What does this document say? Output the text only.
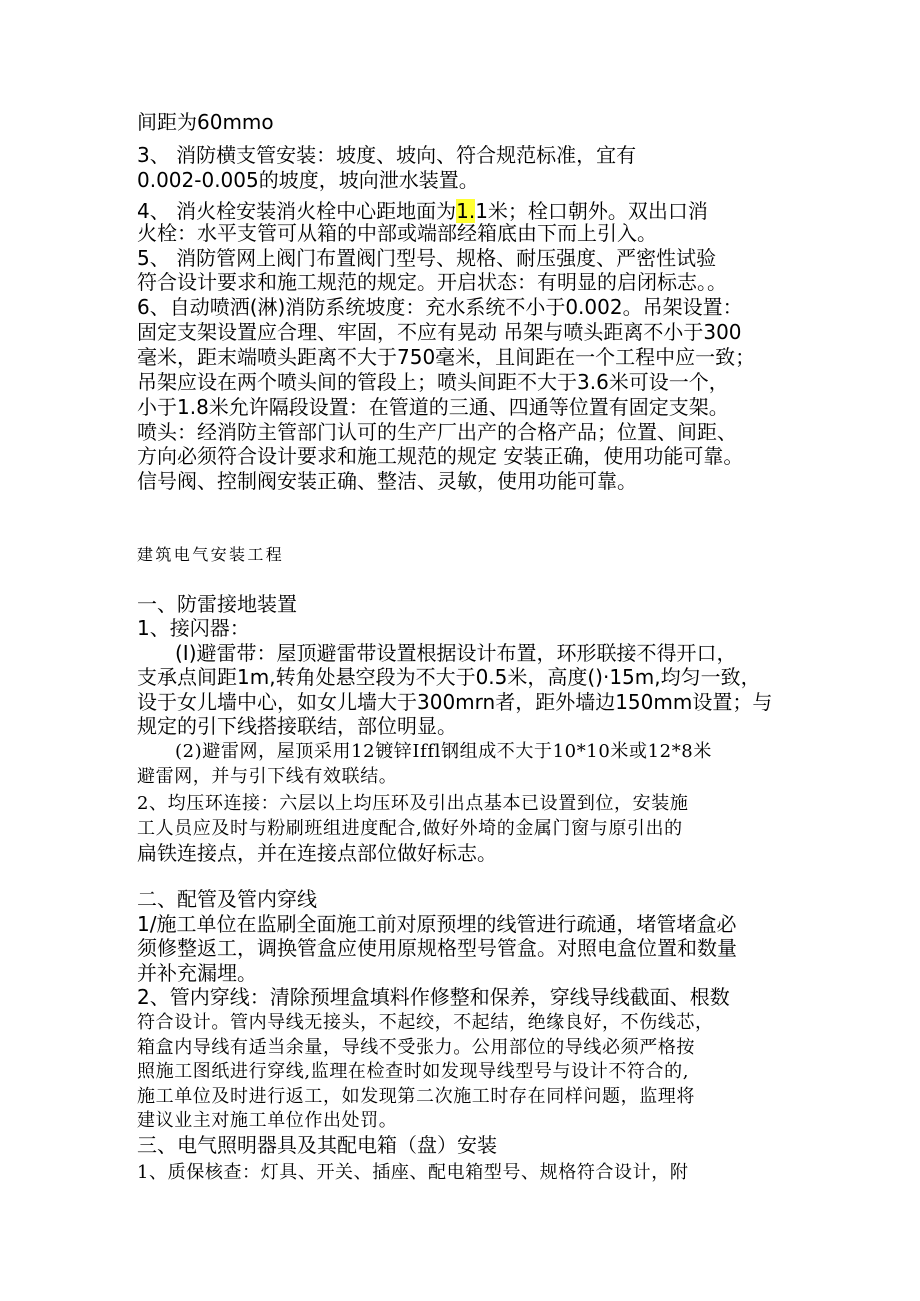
间距为60mmo
3、 消防横支管安装：坡度、坡向、符合规范标准，宜有
0.002-0.005的坡度，坡向泄水装置。
4、 消火栓安装消火栓中心距地面为1.1米；栓口朝外。双出口消
火栓：水平支管可从箱的中部或端部经箱底由下而上引入。
5、 消防管网上阀门布置阀门型号、规格、耐压强度、严密性试验
符合设计要求和施工规范的规定。开启状态：有明显的启闭标志。。
6、自动喷洒(淋)消防系统坡度：充水系统不小于0.002。吊架设置：
固定支架设置应合理、牢固，不应有晃动 吊架与喷头距离不小于300
毫米，距末端喷头距离不大于750毫米，且间距在一个工程中应一致；
吊架应设在两个喷头间的管段上；喷头间距不大于3.6米可设一个，
小于1.8米允许隔段设置：在管道的三通、四通等位置有固定支架。
喷头：经消防主管部门认可的生产厂出产的合格产品；位置、间距、
方向必须符合设计要求和施工规范的规定 安装正确，使用功能可靠。
信号阀、控制阀安装正确、整洁、灵敏，使用功能可靠。
建筑电气安装工程
一、防雷接地装置
1、接闪器：
(I)避雷带：屋顶避雷带设置根据设计布置，环形联接不得开口，
支承点间距1m,转角处悬空段为不大于0.5米，高度()·15m,均匀一致，
设于女儿墙中心，如女儿墙大于300mrn者，距外墙边150mm设置；与
规定的引下线搭接联结，部位明显。
(2)避雷网，屋顶采用12镀锌Iffl钢组成不大于10*10米或12*8米
避雷网，并与引下线有效联结。
2、均压环连接：六层以上均压环及引出点基本已设置到位，安装施
工人员应及时与粉刷班组进度配合,做好外埼的金属门窗与原引出的
扁铁连接点，并在连接点部位做好标志。
二、配管及管内穿线
1/施工单位在监刷全面施工前对原预埋的线管进行疏通，堵管堵盒必
须修整返工，调换管盒应使用原规格型号管盒。对照电盒位置和数量
并补充漏埋。
2、管内穿线：清除预埋盒填料作修整和保养，穿线导线截面、根数
符合设计。管内导线无接头，不起绞，不起结，绝缘良好，不伤线芯，
箱盒内导线有适当余量，导线不受张力。公用部位的导线必须严格按
照施工图纸进行穿线,监理在检查时如发现导线型号与设计不符合的,
施工单位及时进行返工，如发现第二次施工时存在同样问题，监理将
建议业主对施工单位作出处罚。
三、电气照明器具及其配电箱（盘）安装
1、质保核查：灯具、开关、插座、配电箱型号、规格符合设计，附
